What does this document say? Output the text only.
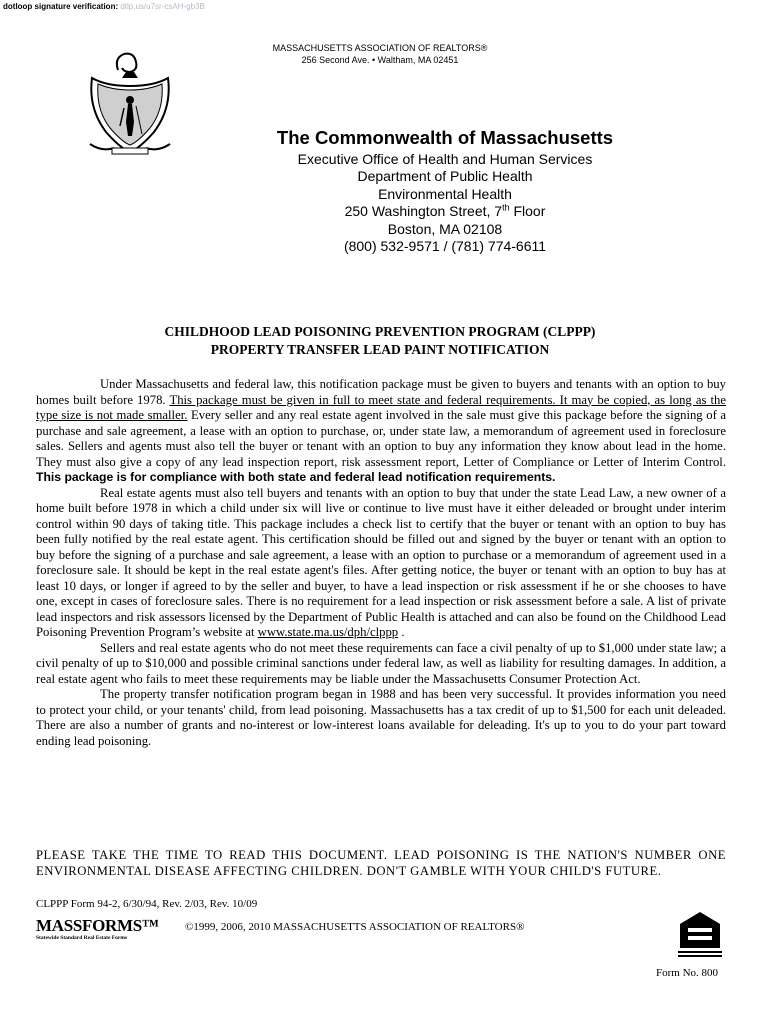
dotloop signature verification: dtlp.us/u7sr-csAH-gb3B
MASSACHUSETTS ASSOCIATION OF REALTORS®
256 Second Ave. • Waltham, MA 02451
The Commonwealth of Massachusetts
Executive Office of Health and Human Services
Department of Public Health
Environmental Health
250 Washington Street, 7th Floor
Boston, MA 02108
(800) 532-9571 / (781) 774-6611
CHILDHOOD LEAD POISONING PREVENTION PROGRAM (CLPPP)
PROPERTY TRANSFER LEAD PAINT NOTIFICATION

Under Massachusetts and federal law, this notification package must be given to buyers and tenants with an option to buy homes built before 1978. This package must be given in full to meet state and federal requirements. It may be copied, as long as the type size is not made smaller. Every seller and any real estate agent involved in the sale must give this package before the signing of a purchase and sale agreement, a lease with an option to purchase, or, under state law, a memorandum of agreement used in foreclosure sales. Sellers and agents must also tell the buyer or tenant with an option to buy any information they know about lead in the home. They must also give a copy of any lead inspection report, risk assessment report, Letter of Compliance or Letter of Interim Control. This package is for compliance with both state and federal lead notification requirements.

Real estate agents must also tell buyers and tenants with an option to buy that under the state Lead Law, a new owner of a home built before 1978 in which a child under six will live or continue to live must have it either deleaded or brought under interim control within 90 days of taking title. This package includes a check list to certify that the buyer or tenant with an option to buy has been fully notified by the real estate agent. This certification should be filled out and signed by the buyer or tenant with an option to buy before the signing of a purchase and sale agreement, a lease with an option to purchase or a memorandum of agreement used in a foreclosure sale. It should be kept in the real estate agent's files. After getting notice, the buyer or tenant with an option to buy has at least 10 days, or longer if agreed to by the seller and buyer, to have a lead inspection or risk assessment if he or she chooses to have one, except in cases of foreclosure sales. There is no requirement for a lead inspection or risk assessment before a sale. A list of private lead inspectors and risk assessors licensed by the Department of Public Health is attached and can also be found on the Childhood Lead Poisoning Prevention Program’s website at www.state.ma.us/dph/clppp .

Sellers and real estate agents who do not meet these requirements can face a civil penalty of up to $1,000 under state law; a civil penalty of up to $10,000 and possible criminal sanctions under federal law, as well as liability for resulting damages. In addition, a real estate agent who fails to meet these requirements may be liable under the Massachusetts Consumer Protection Act.

The property transfer notification program began in 1988 and has been very successful. It provides information you need to protect your child, or your tenants' child, from lead poisoning. Massachusetts has a tax credit of up to $1,500 for each unit deleaded. There are also a number of grants and no-interest or low-interest loans available for deleading. It's up to you to do your part toward ending lead poisoning.

PLEASE TAKE THE TIME TO READ THIS DOCUMENT. LEAD POISONING IS THE NATION'S NUMBER ONE ENVIRONMENTAL DISEASE AFFECTING CHILDREN. DON'T GAMBLE WITH YOUR CHILD'S FUTURE.
CLPPP Form 94-2, 6/30/94, Rev. 2/03, Rev. 10/09
MASSFORMS™
Statewide Standard Real Estate Forms
©1999, 2006, 2010 MASSACHUSETTS ASSOCIATION OF REALTORS®
Form No. 800
